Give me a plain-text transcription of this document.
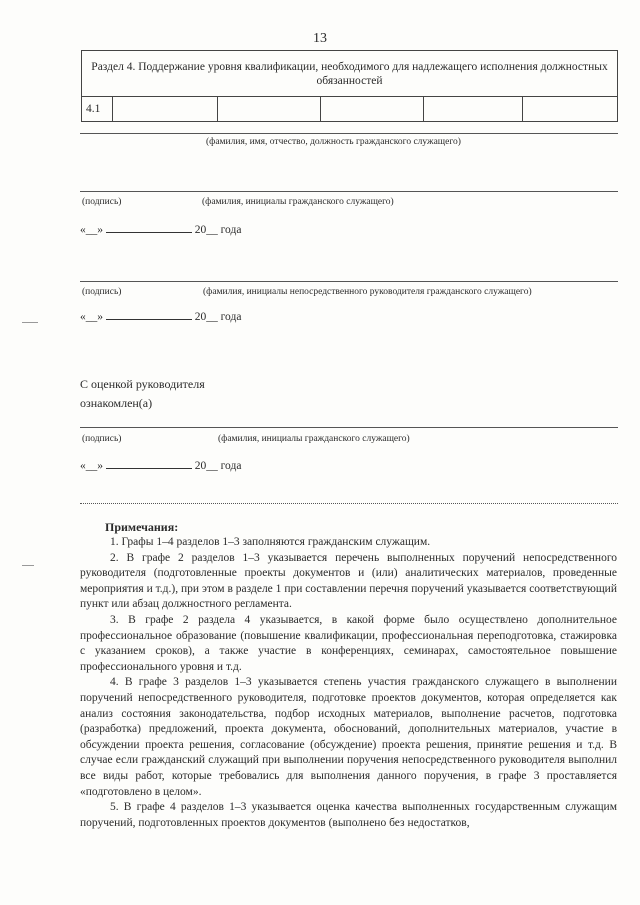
13
Раздел 4. Поддержание уровня квалификации, необходимого для надлежащего исполнения должностных обязанностей
4.1					
(фамилия, имя, отчество, должность гражданского служащего)
(подпись)	(фамилия, инициалы гражданского служащего)
«__»	20__ года
(подпись)	(фамилия, инициалы непосредственного руководителя гражданского служащего)
«__»	20__ года
С оценкой руководителя
ознакомлен(а)
(подпись)	(фамилия, инициалы гражданского служащего)
«__»	20__ года
Примечания:

1. Графы 1–4 разделов 1–3 заполняются гражданским служащим.

2. В графе 2 разделов 1–3 указывается перечень выполненных поручений непосредственного руководителя (подготовленные проекты документов и (или) аналитических материалов, проведенные мероприятия и т.д.), при этом в разделе 1 при составлении перечня поручений указывается соответствующий пункт или абзац должностного регламента.

3. В графе 2 раздела 4 указывается, в какой форме было осуществлено дополнительное профессиональное образование (повышение квалификации, профессиональная переподготовка, стажировка с указанием сроков), а также участие в конференциях, семинарах, самостоятельное повышение профессионального уровня и т.д.

4. В графе 3 разделов 1–3 указывается степень участия гражданского служащего в выполнении поручений непосредственного руководителя, подготовке проектов документов, которая определяется как анализ состояния законодательства, подбор исходных материалов, выполнение расчетов, подготовка (разработка) предложений, проекта документа, обоснований, дополнительных материалов, участие в обсуждении проекта решения, согласование (обсуждение) проекта решения, принятие решения и т.д. В случае если гражданский служащий при выполнении поручения непосредственного руководителя выполнил все виды работ, которые требовались для выполнения данного поручения, в графе 3 проставляется «подготовлено в целом».

5. В графе 4 разделов 1–3 указывается оценка качества выполненных государственным служащим поручений, подготовленных проектов документов (выполнено без недостатков,
